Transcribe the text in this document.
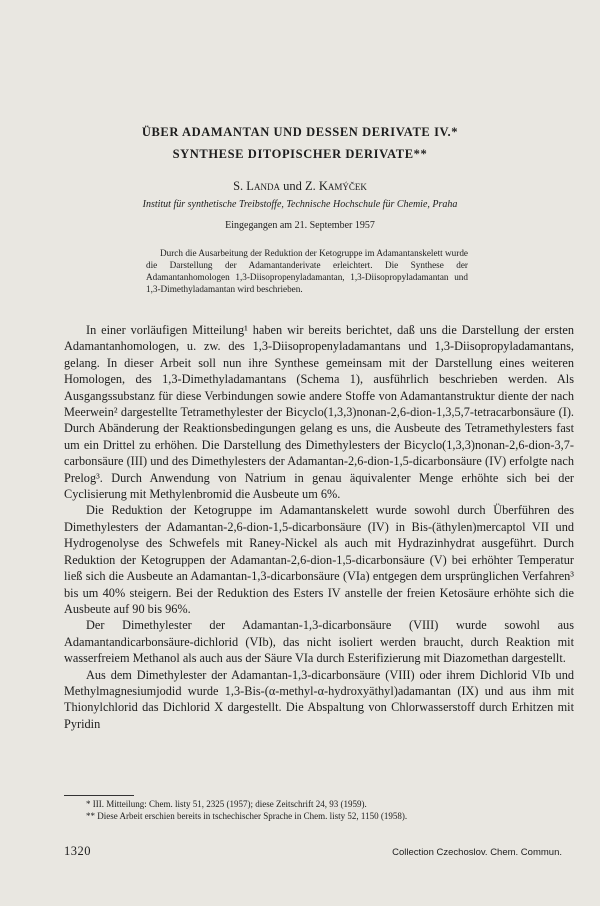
ÜBER ADAMANTAN UND DESSEN DERIVATE IV.*
SYNTHESE DITOPISCHER DERIVATE**
S. Landa und Z. Kamýček
Institut für synthetische Treibstoffe, Technische Hochschule für Chemie, Praha
Eingegangen am 21. September 1957
Durch die Ausarbeitung der Reduktion der Ketogruppe im Adamantanskelett wurde die Darstellung der Adamantanderivate erleichtert. Die Synthese der Adamantanhomologen 1,3-Diisopropenyladamantan, 1,3-Diisopropyladamantan und 1,3-Dimethyladamantan wird beschrieben.

In einer vorläufigen Mitteilung¹ haben wir bereits berichtet, daß uns die Darstellung der ersten Adamantanhomologen, u. zw. des 1,3-Diisopropenyladamantans und 1,3-Diisopropyladamantans, gelang. In dieser Arbeit soll nun ihre Synthese gemeinsam mit der Darstellung eines weiteren Homologen, des 1,3-Dimethyladamantans (Schema 1), ausführlich beschrieben werden. Als Ausgangssubstanz für diese Verbindungen sowie andere Stoffe von Adamantanstruktur diente der nach Meerwein² dargestellte Tetramethylester der Bicyclo(1,3,3)nonan-2,6-dion-1,3,5,7-tetracarbonsäure (I). Durch Abänderung der Reaktionsbedingungen gelang es uns, die Ausbeute des Tetramethylesters fast um ein Drittel zu erhöhen. Die Darstellung des Dimethylesters der Bicyclo(1,3,3)nonan-2,6-dion-3,7-carbonsäure (III) und des Dimethylesters der Adamantan-2,6-dion-1,5-dicarbonsäure (IV) erfolgte nach Prelog³. Durch Anwendung von Natrium in genau äquivalenter Menge erhöhte sich bei der Cyclisierung mit Methylenbromid die Ausbeute um 6%.

Die Reduktion der Ketogruppe im Adamantanskelett wurde sowohl durch Überführen des Dimethylesters der Adamantan-2,6-dion-1,5-dicarbonsäure (IV) in Bis-(äthylen)mercaptol VII und Hydrogenolyse des Schwefels mit Raney-Nickel als auch mit Hydrazinhydrat ausgeführt. Durch Reduktion der Ketogruppen der Adamantan-2,6-dion-1,5-dicarbonsäure (V) bei erhöhter Temperatur ließ sich die Ausbeute an Adamantan-1,3-dicarbonsäure (VIa) entgegen dem ursprünglichen Verfahren³ bis um 40% steigern. Bei der Reduktion des Esters IV anstelle der freien Ketosäure erhöhte sich die Ausbeute auf 90 bis 96%.

Der Dimethylester der Adamantan-1,3-dicarbonsäure (VIII) wurde sowohl aus Adamantandicarbonsäure-dichlorid (VIb), das nicht isoliert werden braucht, durch Reaktion mit wasserfreiem Methanol als auch aus der Säure VIa durch Esterifizierung mit Diazomethan dargestellt.

Aus dem Dimethylester der Adamantan-1,3-dicarbonsäure (VIII) oder ihrem Dichlorid VIb und Methylmagnesiumjodid wurde 1,3-Bis-(α-methyl-α-hydroxyäthyl)adamantan (IX) und aus ihm mit Thionylchlorid das Dichlorid X dargestellt. Die Abspaltung von Chlorwasserstoff durch Erhitzen mit Pyridin

* III. Mitteilung: Chem. listy 51, 2325 (1957); diese Zeitschrift 24, 93 (1959).
** Diese Arbeit erschien bereits in tschechischer Sprache in Chem. listy 52, 1150 (1958).
1320	Collection Czechoslov. Chem. Commun.
